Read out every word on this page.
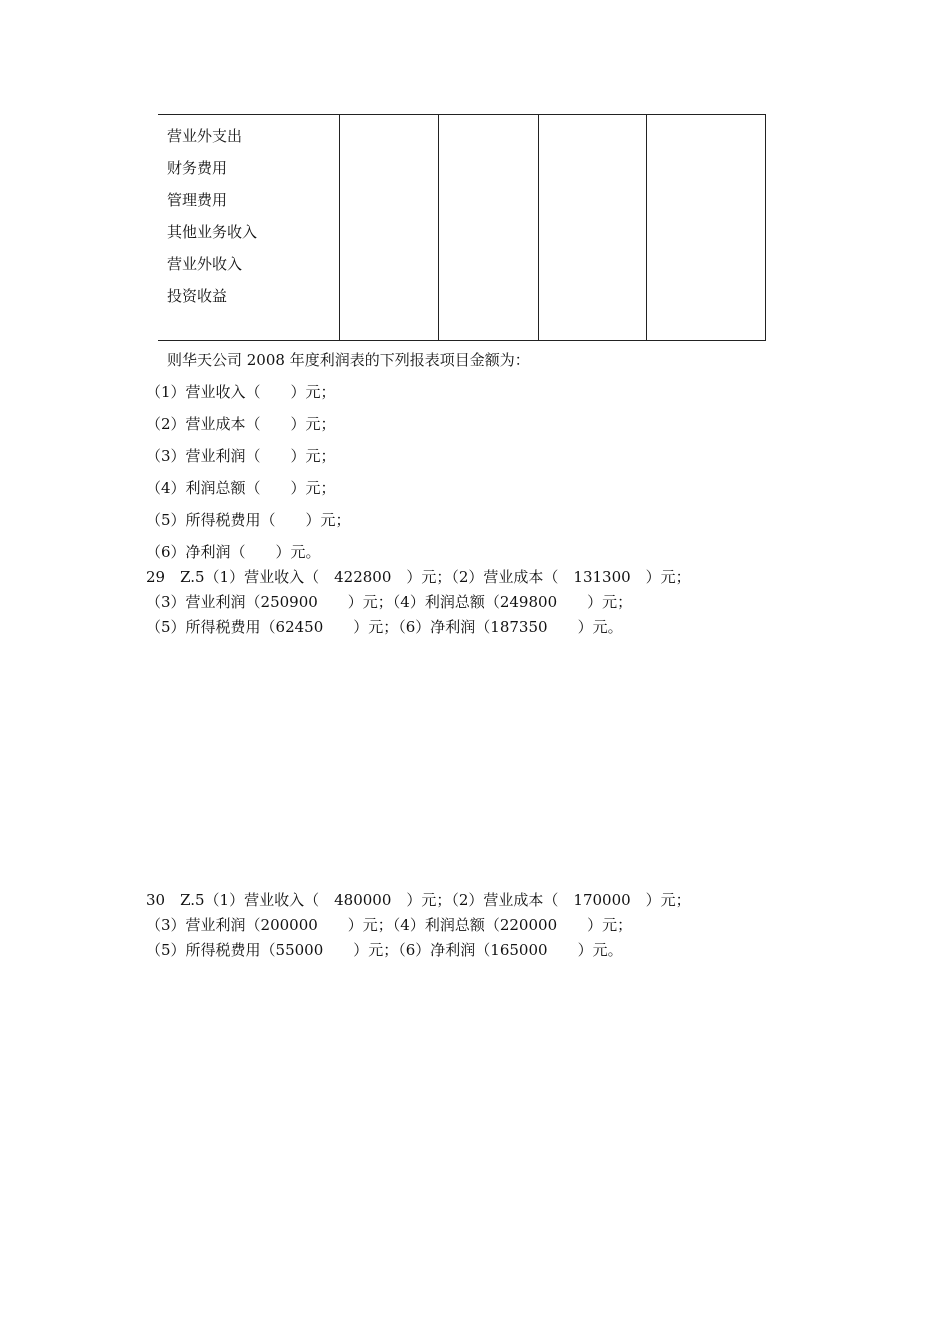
营业外支出
财务费用
管理费用
其他业务收入
营业外收入
投资收益
则华天公司 2008 年度利润表的下列报表项目金额为：
（1）营业收入（　　）元；
（2）营业成本（　　）元；
（3）营业利润（　　）元；
（4）利润总额（　　）元；
（5）所得税费用（　　）元；
（6）净利润（　　）元。
29　Z.5（1）营业收入（　422800　）元；（2）营业成本（　131300　）元；
（3）营业利润（250900　　）元；（4）利润总额（249800　　）元；
（5）所得税费用（62450　　）元；（6）净利润（187350　　）元。
30　Z.5（1）营业收入（　480000　）元；（2）营业成本（　170000　）元；
（3）营业利润（200000　　）元；（4）利润总额（220000　　）元；
（5）所得税费用（55000　　）元；（6）净利润（165000　　）元。
